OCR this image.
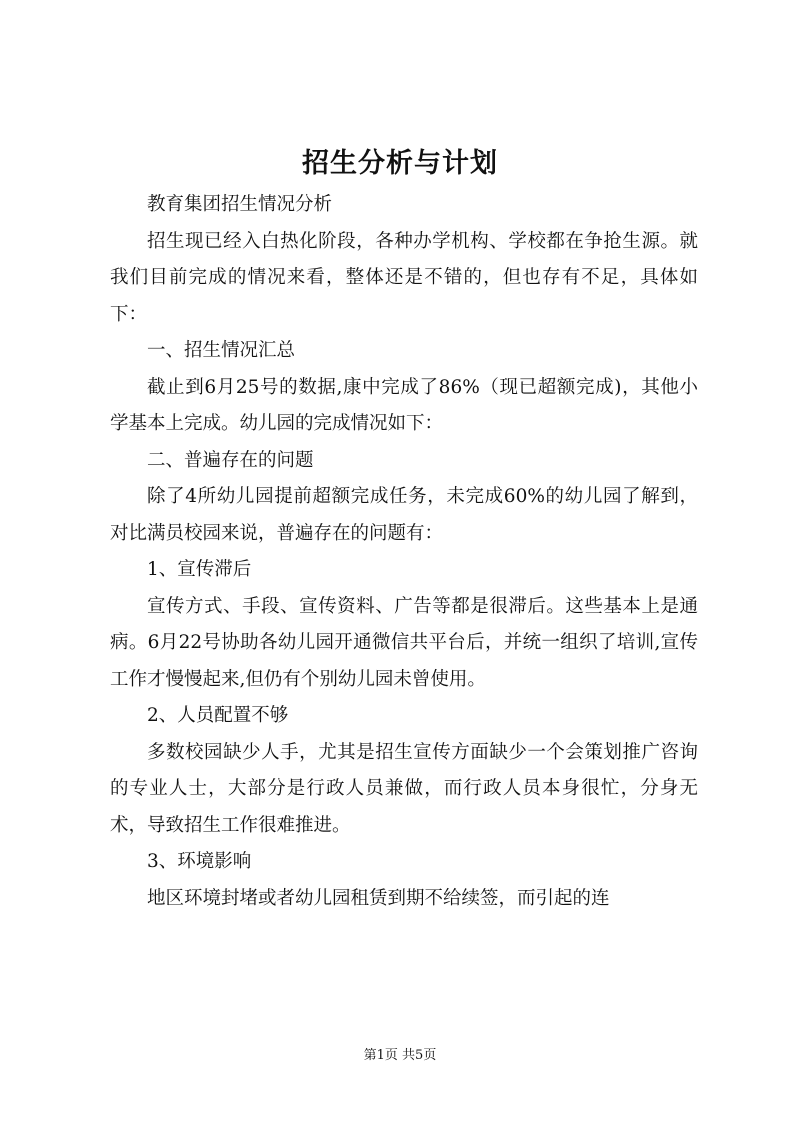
招生分析与计划

教育集团招生情况分析

招生现已经入白热化阶段，各种办学机构、学校都在争抢生源。就我们目前完成的情况来看，整体还是不错的，但也存有不足，具体如下：

一、招生情况汇总

截止到6月25号的数据,康中完成了86%（现已超额完成)，其他小学基本上完成。幼儿园的完成情况如下：

二、普遍存在的问题

除了4所幼儿园提前超额完成任务，未完成60%的幼儿园了解到，对比满员校园来说，普遍存在的问题有：

1、宣传滞后

宣传方式、手段、宣传资料、广告等都是很滞后。这些基本上是通病。6月22号协助各幼儿园开通微信共平台后，并统一组织了培训,宣传工作才慢慢起来,但仍有个别幼儿园未曾使用。

2、人员配置不够

多数校园缺少人手，尤其是招生宣传方面缺少一个会策划推广咨询的专业人士，大部分是行政人员兼做，而行政人员本身很忙，分身无术，导致招生工作很难推进。

3、环境影响

地区环境封堵或者幼儿园租赁到期不给续签，而引起的连

第1页 共5页
